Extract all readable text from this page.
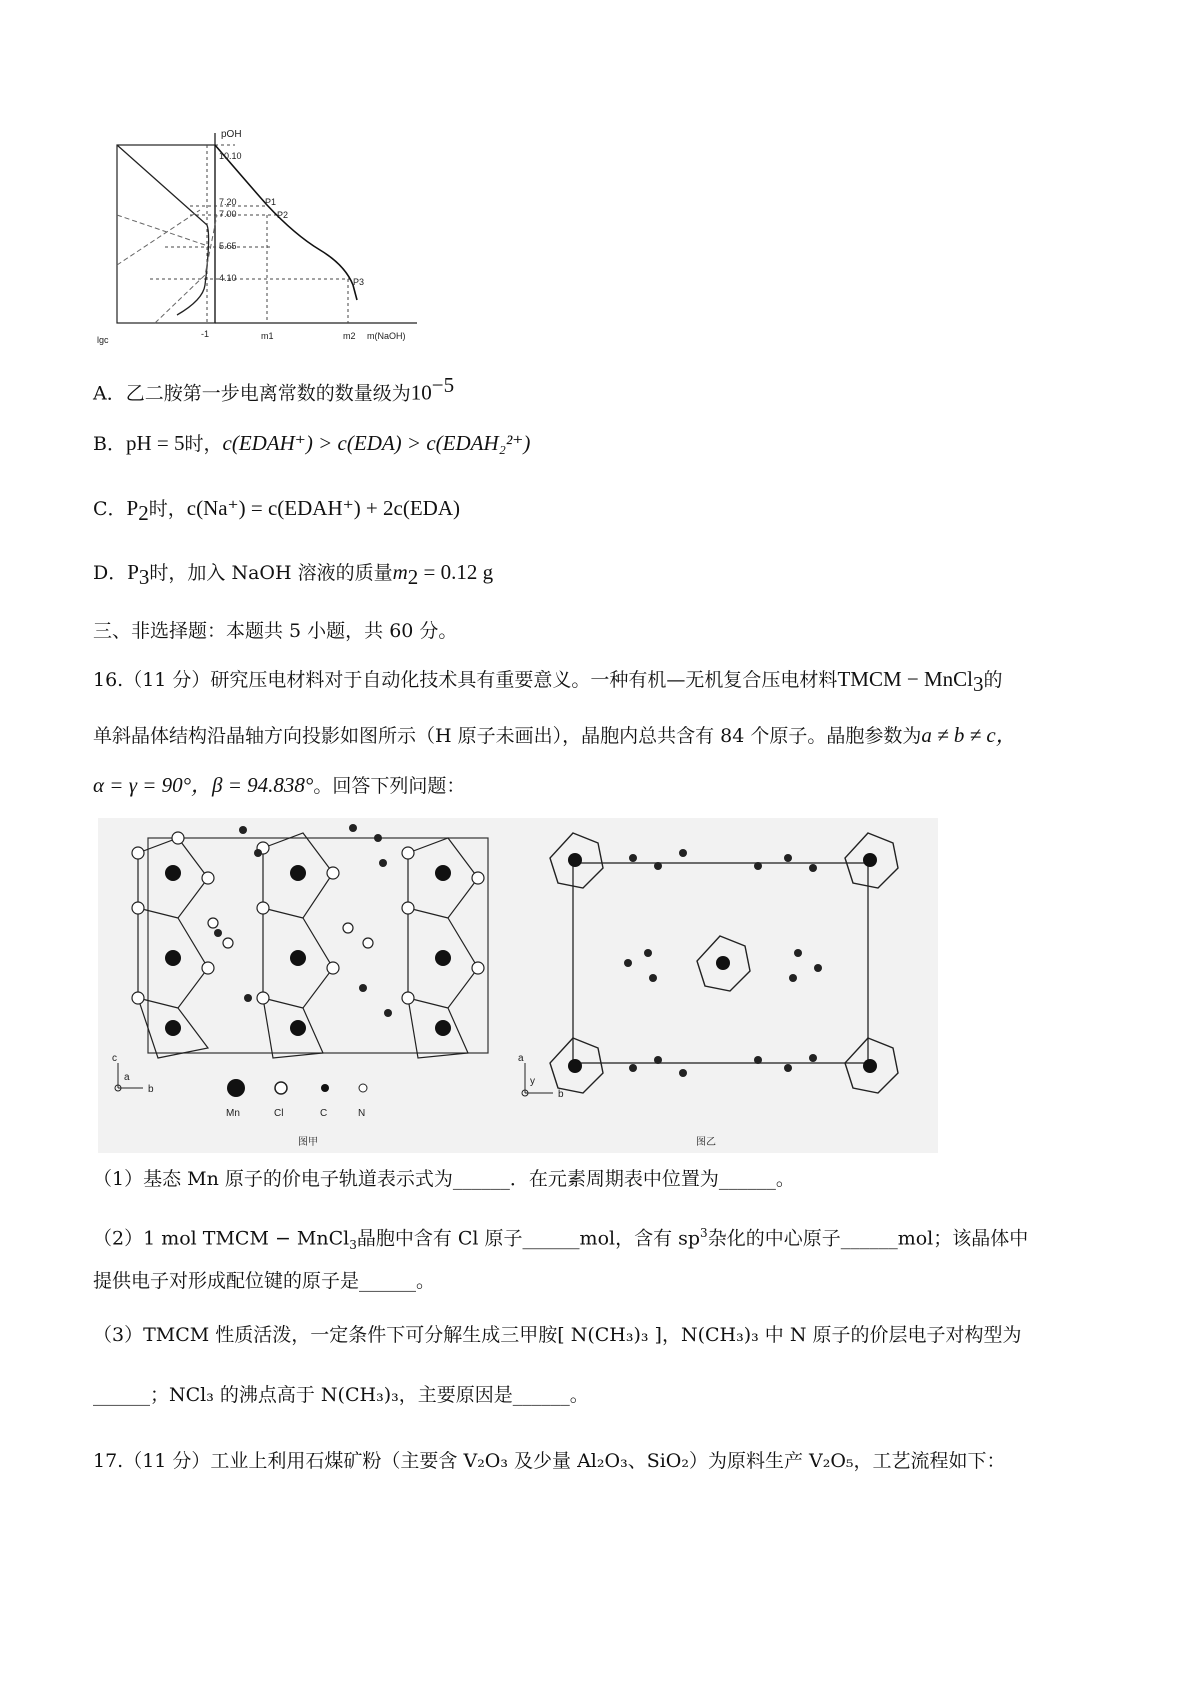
pOH
10.10
7.20
7.00
5.65
4.10
P1
P2
P3
lgc
-1	m1	m2 m(NaOH)
A．乙二胺第一步电离常数的数量级为$10^{-5}$
B．pH = 5时，c(EDAH⁺) > c(EDA) > c(EDAH₂²⁺)
C．$P_2$时，c(Na⁺) = c(EDAH⁺) + 2c(EDA)
D．$P_3$时，加入 NaOH 溶液的质量$m_2 = 0.12$ g
三、非选择题：本题共 5 小题，共 60 分。
16.（11 分）研究压电材料对于自动化技术具有重要意义。一种有机—无机复合压电材料TMCM − MnCl$_3$的
单斜晶体结构沿晶轴方向投影如图所示（H 原子未画出），晶胞内总共含有 84 个原子。晶胞参数为a ≠ b ≠ c，
α = γ = 90°，β = 94.838°。回答下列问题：
c
a
b
Mn	Cl	C	N
图甲
a
y
b
图乙
（1）基态 Mn 原子的价电子轨道表示式为______．在元素周期表中位置为______。
（2）1 mol TMCM − MnCl$_3$晶胞中含有 Cl 原子______mol，含有 $sp^3$杂化的中心原子______mol；该晶体中
提供电子对形成配位键的原子是______。
（3）TMCM 性质活泼，一定条件下可分解生成三甲胺[ N(CH₃)₃ ]，N(CH₃)₃ 中 N 原子的价层电子对构型为
______；NCl₃ 的沸点高于 N(CH₃)₃，主要原因是______。
17.（11 分）工业上利用石煤矿粉（主要含 V₂O₃ 及少量 Al₂O₃、SiO₂）为原料生产 V₂O₅，工艺流程如下：
